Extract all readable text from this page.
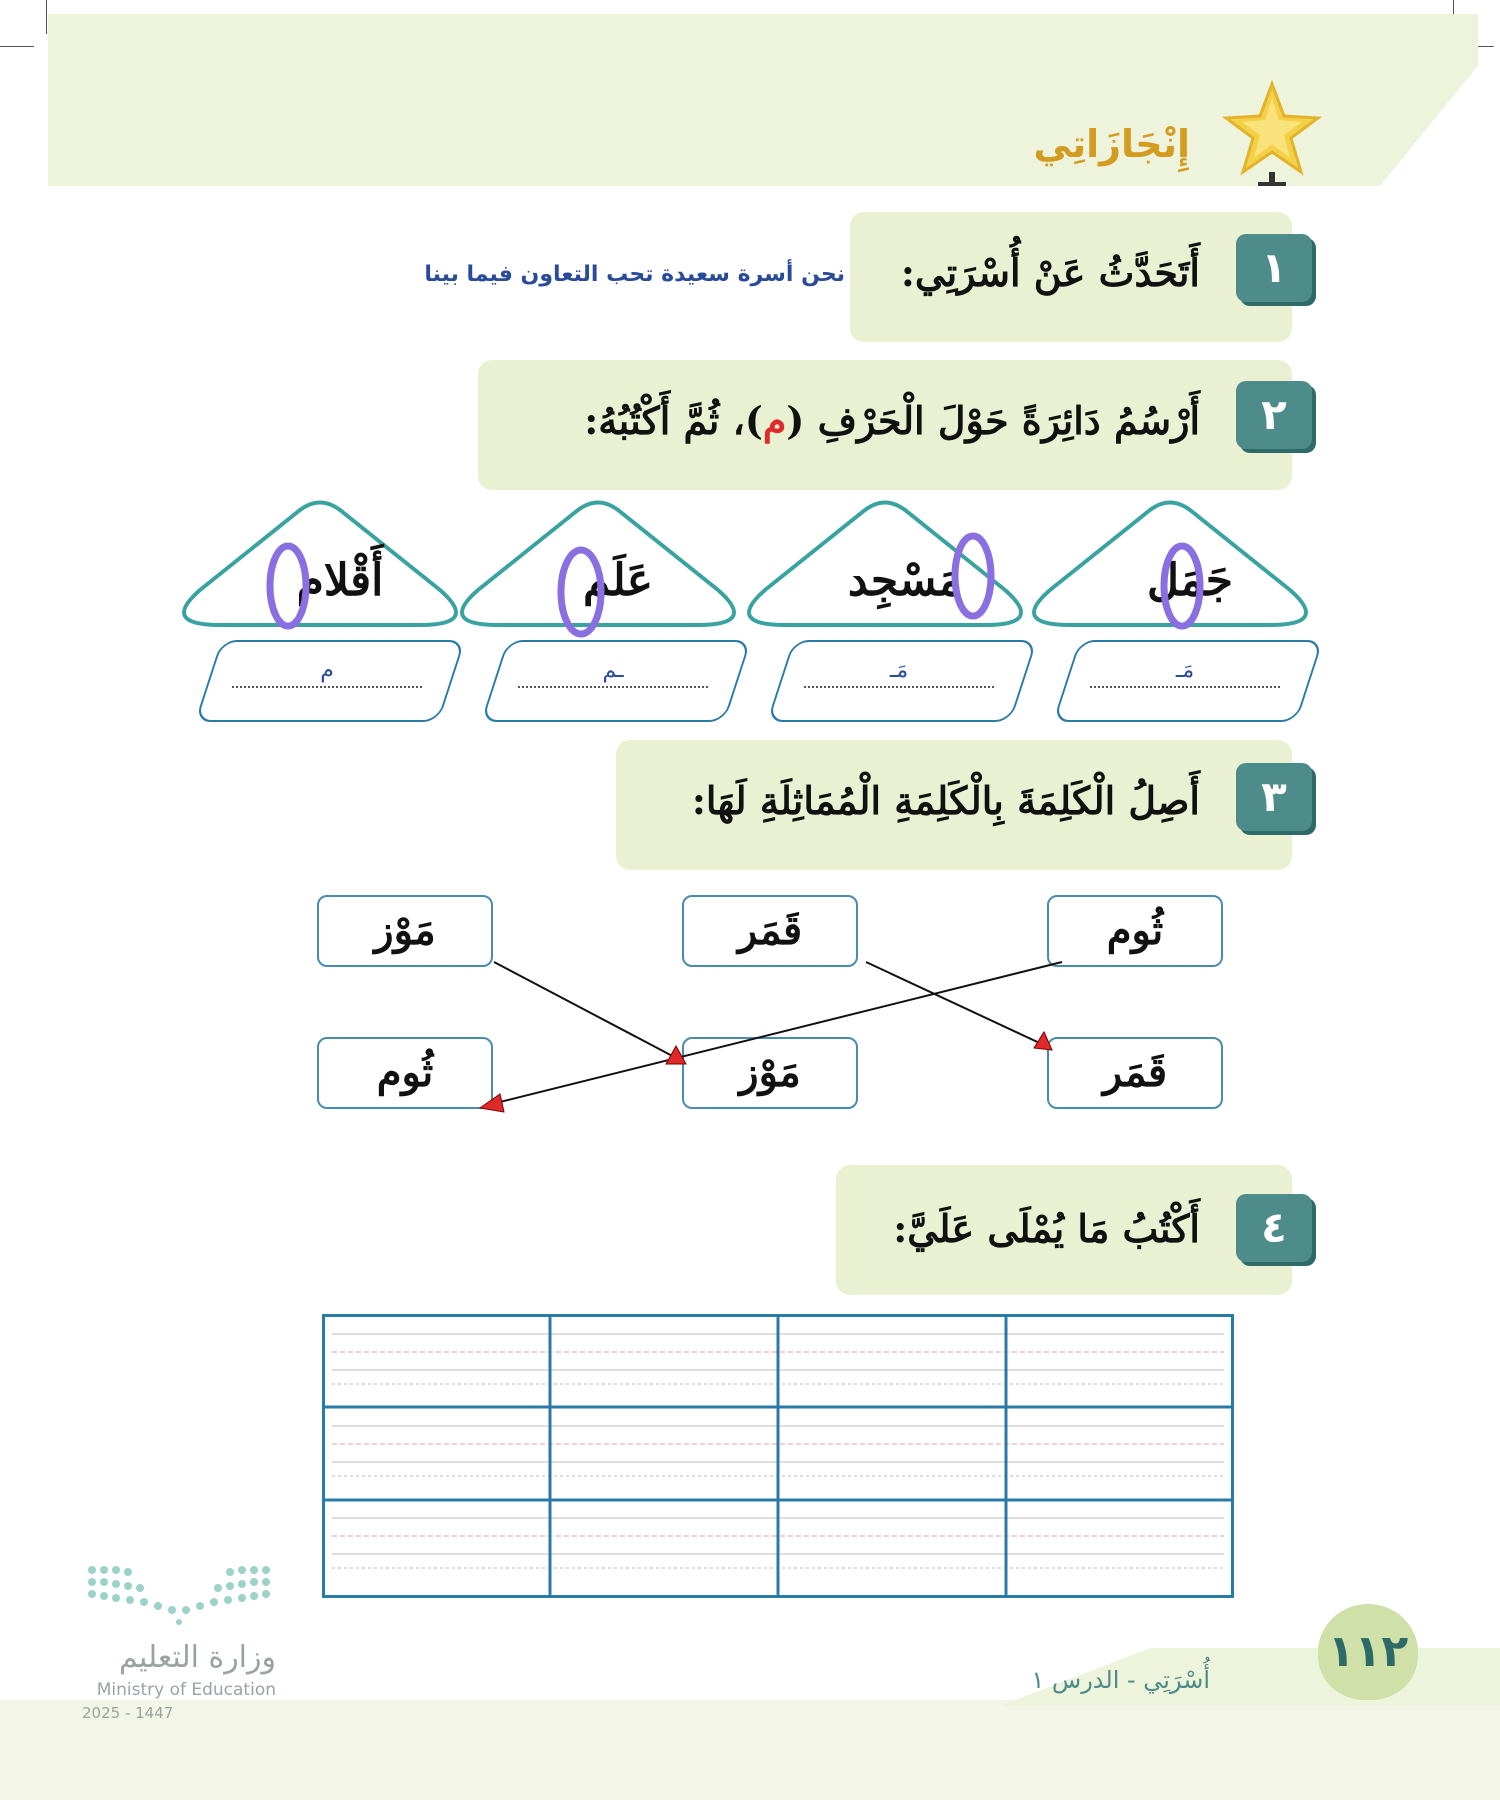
إِنْجَازَاتِي
١
أَتَحَدَّثُ عَنْ أُسْرَتِي:
نحن أسرة سعيدة تحب التعاون فيما بينا
٢
أَرْسُمُ دَائِرَةً حَوْلَ الْحَرْفِ (م)، ثُمَّ أَكْتُبُهُ:
جَمَل
مَسْجِد
عَلَم
أَقْلام
مَـ
مَـ
ـم
م
٣
أَصِلُ الْكَلِمَةَ بِالْكَلِمَةِ الْمُمَاثِلَةِ لَهَا:
ثُوم
قَمَر
مَوْز
قَمَر
مَوْز
ثُوم
٤
أَكْتُبُ مَا يُمْلَى عَلَيَّ:
١١٢
أُسْرَتِي - الدرس ١
وزارة التعليم
Ministry of Education
2025 - 1447
